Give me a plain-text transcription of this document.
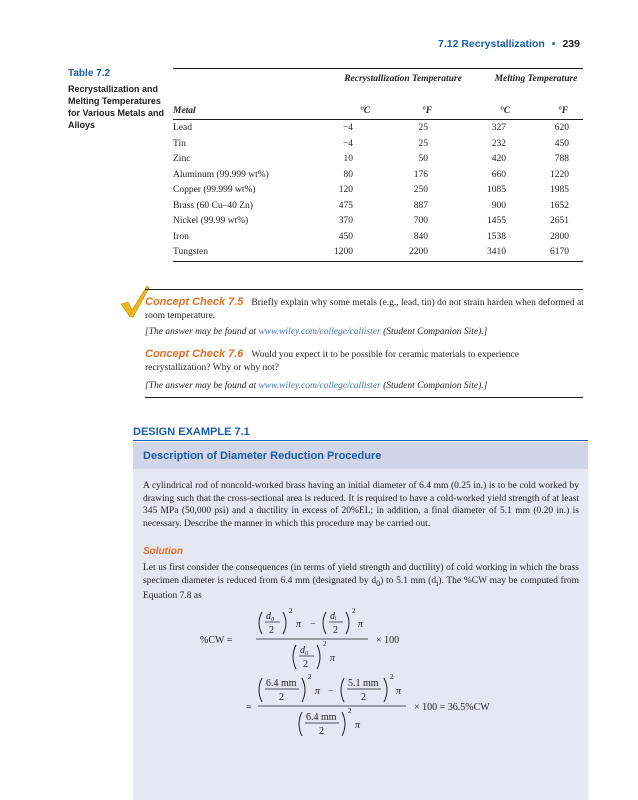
7.12 Recrystallization • 239
Table 7.2
Recrystallization and Melting Temperatures for Various Metals and Alloys
Recrystallization Temperature	Melting Temperature
Metal	°C	°F	°C	°F
Lead	−4	25	327	620
Tin	−4	25	232	450
Zinc	10	50	420	788
Aluminum (99.999 wt%)	80	176	660	1220
Copper (99.999 wt%)	120	250	1085	1985
Brass (60 Cu–40 Zn)	475	887	900	1652
Nickel (99.99 wt%)	370	700	1455	2651
Iron	450	840	1538	2800
Tungsten	1200	2200	3410	6170
Concept Check 7.5 Briefly explain why some metals (e.g., lead, tin) do not strain harden when deformed at room temperature.
[The answer may be found at www.wiley.com/college/callister (Student Companion Site).]
Concept Check 7.6 Would you expect it to be possible for ceramic materials to experience recrystallization? Why or why not?
[The answer may be found at www.wiley.com/college/callister (Student Companion Site).]
DESIGN EXAMPLE 7.1
Description of Diameter Reduction Procedure
A cylindrical rod of noncold-worked brass having an initial diameter of 6.4 mm (0.25 in.) is to be cold worked by drawing such that the cross-sectional area is reduced. It is required to have a cold-worked yield strength of at least 345 MPa (50,000 psi) and a ductility in excess of 20%EL; in addition, a final diameter of 5.1 mm (0.20 in.) is necessary. Describe the manner in which this procedure may be carried out.
Solution
Let us first consider the consequences (in terms of yield strength and ductility) of cold working in which the brass specimen diameter is reduced from 6.4 mm (designated by $d_0$) to 5.1 mm $(d_i)$. The %CW may be computed from Equation 7.8 as
%CW =
d₀
2
2
π −
dᵢ
2
2
π
d₀
2
2
π
× 100
=
6.4 mm
2
2
π −
5.1 mm
2
2
π
6.4 mm
2
2
π
× 100 = 36.5%CW
